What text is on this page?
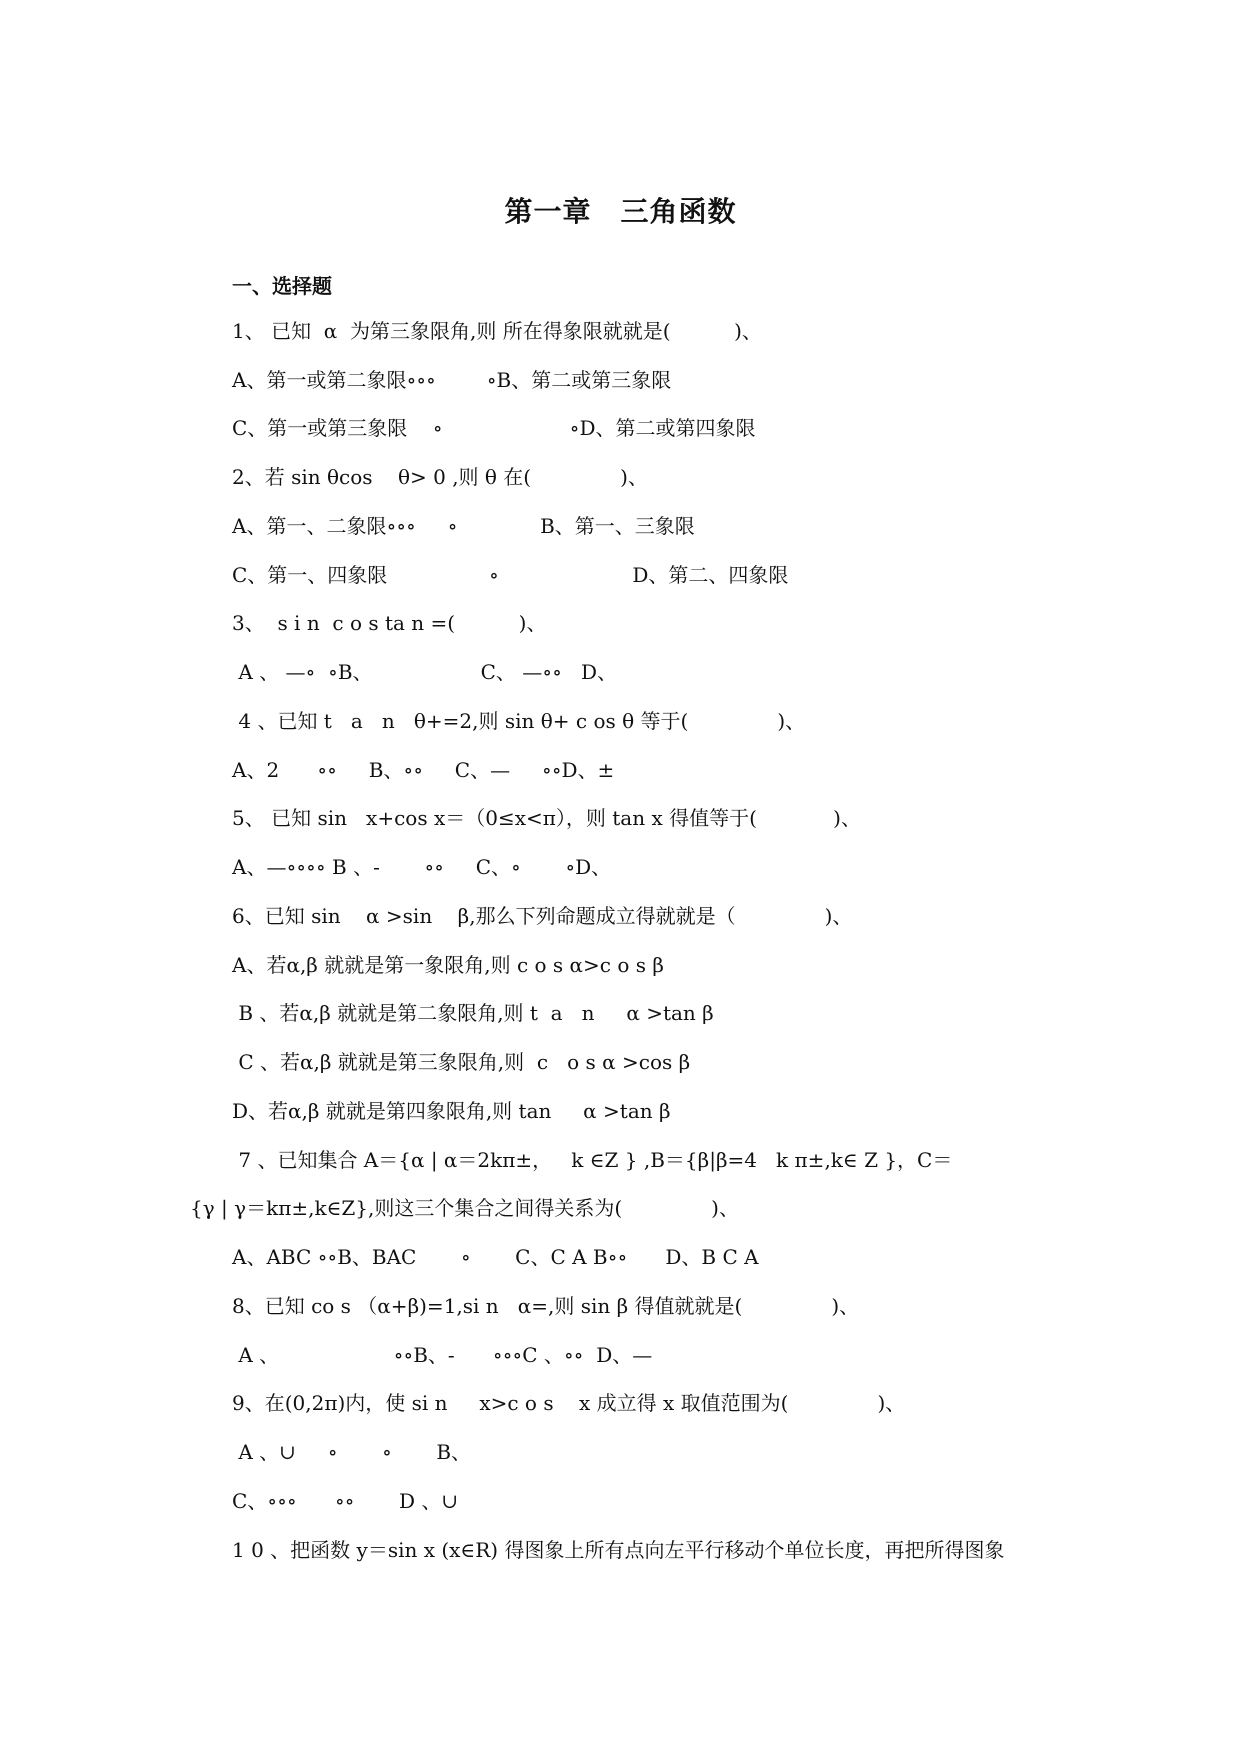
第一章　三角函数
一、选择题
1、 已知  α  为第三象限角,则 所在得象限就就是(          )、
A、第一或第二象限∘∘∘        ∘B、第二或第三象限
C、第一或第三象限    ∘                    ∘D、第二或第四象限
2、若 sin θcos    θ> 0 ,则 θ 在(              )、
A、第一、二象限∘∘∘     ∘             B、第一、三象限
C、第一、四象限                ∘                     D、第二、四象限
3、  s i n  c o s ta n =(          )、
A 、 —∘  ∘B、                 C、 —∘∘   D、
4 、已知 t   a   n   θ+=2,则 sin θ+ c os θ 等于(              )、
A、2      ∘∘     B、∘∘     C、—     ∘∘D、±
5、 已知 sin   x+cos x＝（0≤x<π），则 tan x 得值等于(            )、
A、—∘∘∘∘ B 、-       ∘∘     C、∘       ∘D、
6、已知 sin    α >sin    β,那么下列命题成立得就就是（              )、
A、若α,β 就就是第一象限角,则 c o s α>c o s β
B 、若α,β 就就是第二象限角,则 t  a   n     α >tan β
C 、若α,β 就就是第三象限角,则  c   o s α >cos β
D、若α,β 就就是第四象限角,则 tan     α >tan β
7 、已知集合 A＝{α | α＝2kπ±，   k ∈Z } ,B＝{β|β=4   k π±,k∈ Z }，C＝
{γ | γ＝kπ±,k∈Z},则这三个集合之间得关系为(              )、
A、ABC ∘∘B、BAC       ∘       C、C A B∘∘      D、B C A
8、已知 co s （α+β)=1,si n   α=,则 sin β 得值就就是(              )、
A 、                  ∘∘B、-      ∘∘∘C 、∘∘  D、—
9、在(0,2π)内，使 si n     x>c o s    x 成立得 x 取值范围为(              )、
A 、∪     ∘       ∘       B、
C、∘∘∘      ∘∘       D 、∪
1 0 、把函数 y＝sin x (x∈R) 得图象上所有点向左平行移动个单位长度，再把所得图象
